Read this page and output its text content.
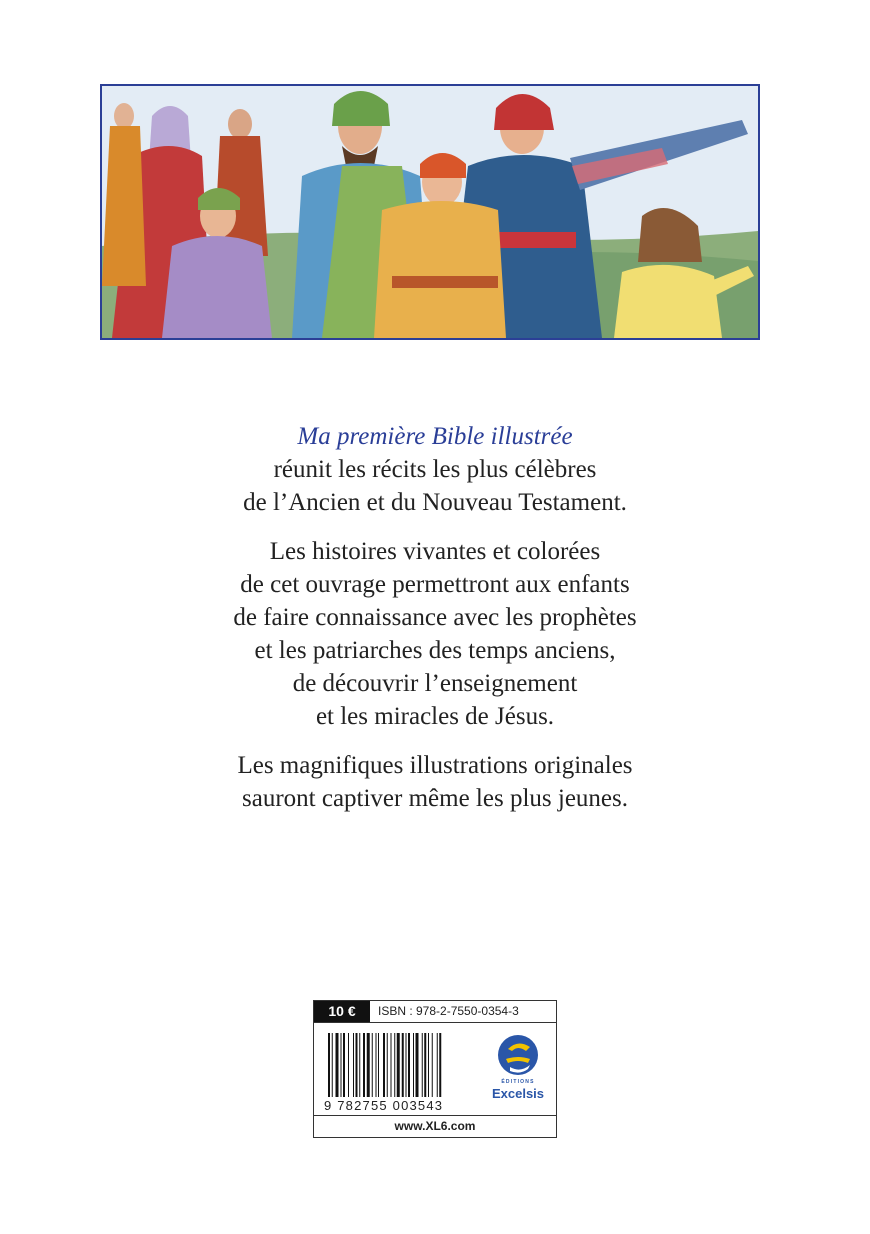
Ma première Bible illustrée
réunit les récits les plus célèbres
de l’Ancien et du Nouveau Testament.

Les histoires vivantes et colorées
de cet ouvrage permettront aux enfants
de faire connaissance avec les prophètes
et les patriarches des temps anciens,
de découvrir l’enseignement
et les miracles de Jésus.

Les magnifiques illustrations originales
sauront captiver même les plus jeunes.

10 €	ISBN : 978-2-7550-0354-3
9 782755 003543
ÉDITIONS
Excelsis
www.XL6.com
